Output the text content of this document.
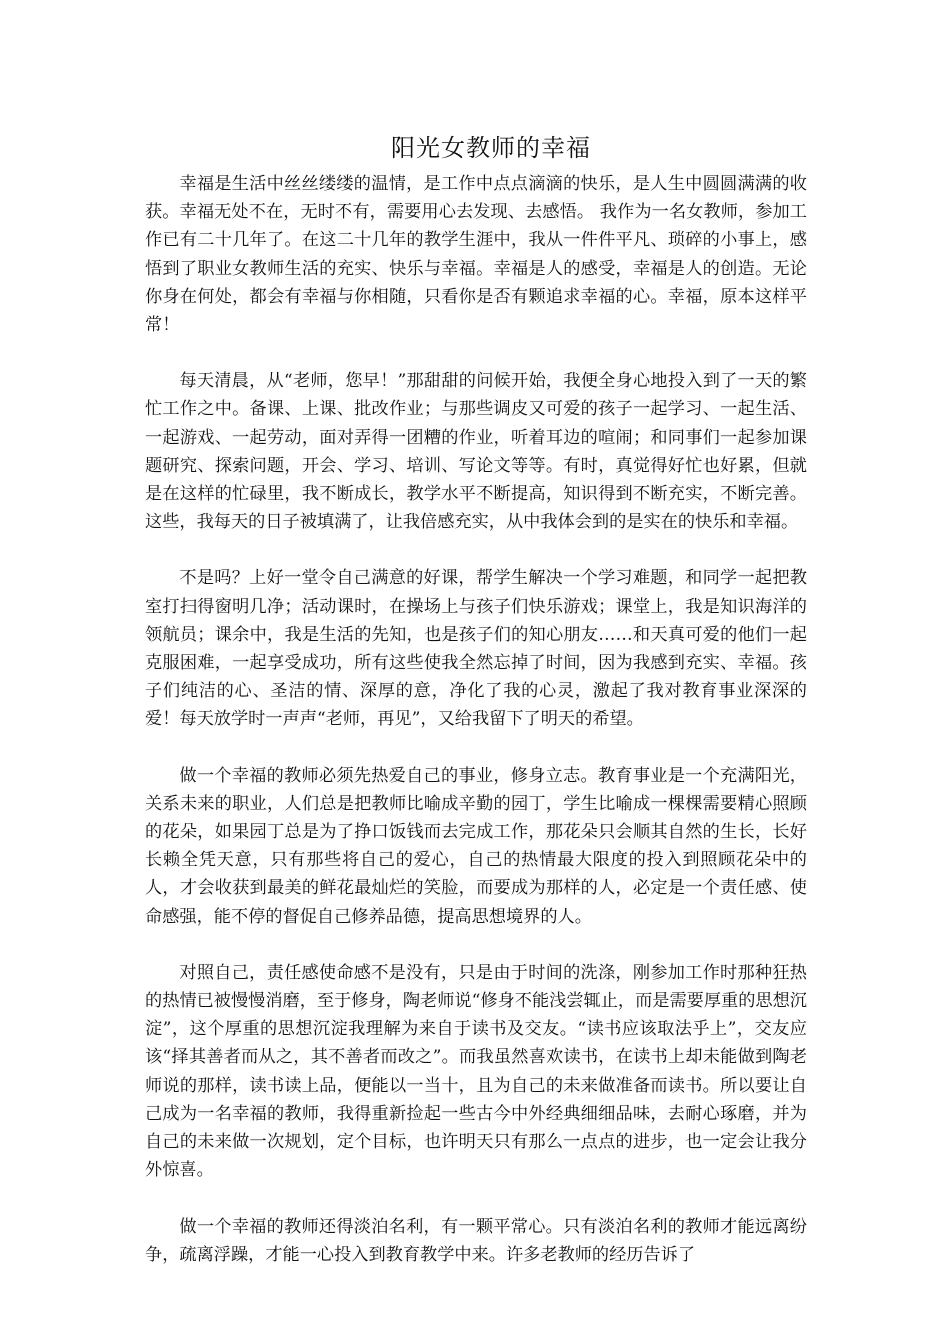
阳光女教师的幸福

幸福是生活中丝丝缕缕的温情，是工作中点点滴滴的快乐，是人生中圆圆满满的收获。幸福无处不在，无时不有，需要用心去发现、去感悟。 我作为一名女教师，参加工作已有二十几年了。在这二十几年的教学生涯中，我从一件件平凡、琐碎的小事上，感悟到了职业女教师生活的充实、快乐与幸福。幸福是人的感受，幸福是人的创造。无论你身在何处，都会有幸福与你相随，只看你是否有颗追求幸福的心。幸福，原本这样平常！

每天清晨，从“老师，您早！”那甜甜的问候开始，我便全身心地投入到了一天的繁忙工作之中。备课、上课、批改作业；与那些调皮又可爱的孩子一起学习、一起生活、一起游戏、一起劳动，面对弄得一团糟的作业，听着耳边的喧闹；和同事们一起参加课题研究、探索问题，开会、学习、培训、写论文等等。有时，真觉得好忙也好累，但就是在这样的忙碌里，我不断成长，教学水平不断提高，知识得到不断充实，不断完善。这些，我每天的日子被填满了，让我倍感充实，从中我体会到的是实在的快乐和幸福。

不是吗？上好一堂令自己满意的好课，帮学生解决一个学习难题，和同学一起把教室打扫得窗明几净；活动课时，在操场上与孩子们快乐游戏；课堂上，我是知识海洋的领航员；课余中，我是生活的先知，也是孩子们的知心朋友……和天真可爱的他们一起克服困难，一起享受成功，所有这些使我全然忘掉了时间，因为我感到充实、幸福。孩子们纯洁的心、圣洁的情、深厚的意，净化了我的心灵，激起了我对教育事业深深的爱！每天放学时一声声“老师，再见”，又给我留下了明天的希望。

做一个幸福的教师必须先热爱自己的事业，修身立志。教育事业是一个充满阳光，关系未来的职业，人们总是把教师比喻成辛勤的园丁，学生比喻成一棵棵需要精心照顾的花朵，如果园丁总是为了挣口饭钱而去完成工作，那花朵只会顺其自然的生长，长好长赖全凭天意，只有那些将自己的爱心，自己的热情最大限度的投入到照顾花朵中的人，才会收获到最美的鲜花最灿烂的笑脸，而要成为那样的人，必定是一个责任感、使命感强，能不停的督促自己修养品德，提高思想境界的人。

对照自己，责任感使命感不是没有，只是由于时间的洗涤，刚参加工作时那种狂热的热情已被慢慢消磨，至于修身，陶老师说“修身不能浅尝辄止，而是需要厚重的思想沉淀”，这个厚重的思想沉淀我理解为来自于读书及交友。“读书应该取法乎上”，交友应该“择其善者而从之，其不善者而改之”。而我虽然喜欢读书，在读书上却未能做到陶老师说的那样，读书读上品，便能以一当十，且为自己的未来做准备而读书。所以要让自己成为一名幸福的教师，我得重新捡起一些古今中外经典细细品味，去耐心琢磨，并为自己的未来做一次规划，定个目标，也许明天只有那么一点点的进步，也一定会让我分外惊喜。

做一个幸福的教师还得淡泊名利，有一颗平常心。只有淡泊名利的教师才能远离纷争，疏离浮躁，才能一心投入到教育教学中来。许多老教师的经历告诉了
